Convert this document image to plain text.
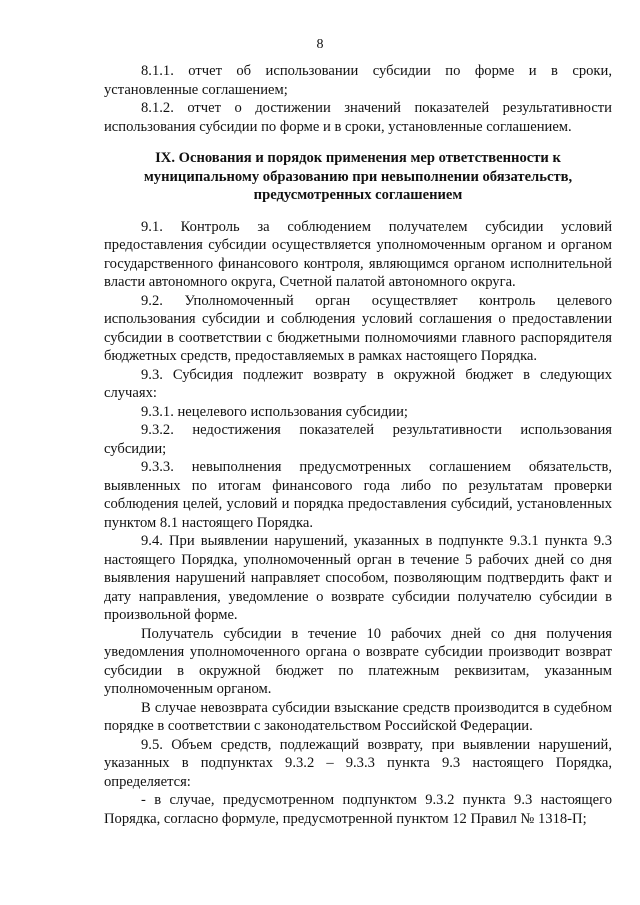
8

8.1.1. отчет об использовании субсидии по форме и в сроки, установленные соглашением;

8.1.2. отчет о достижении значений показателей результативности использования субсидии по форме и в сроки, установленные соглашением.

IX. Основания и порядок применения мер ответственности к муниципальному образованию при невыполнении обязательств, предусмотренных соглашением

9.1. Контроль за соблюдением получателем субсидии условий предоставления субсидии осуществляется уполномоченным органом и органом государственного финансового контроля, являющимся органом исполнительной власти автономного округа, Счетной палатой автономного округа.

9.2. Уполномоченный орган осуществляет контроль целевого использования субсидии и соблюдения условий соглашения о предоставлении субсидии в соответствии с бюджетными полномочиями главного распорядителя бюджетных средств, предоставляемых в рамках настоящего Порядка.

9.3. Субсидия подлежит возврату в окружной бюджет в следующих случаях:

9.3.1. нецелевого использования субсидии;

9.3.2. недостижения показателей результативности использования субсидии;

9.3.3. невыполнения предусмотренных соглашением обязательств, выявленных по итогам финансового года либо по результатам проверки соблюдения целей, условий и порядка предоставления субсидий, установленных пунктом 8.1 настоящего Порядка.

9.4. При выявлении нарушений, указанных в подпункте 9.3.1 пункта 9.3 настоящего Порядка, уполномоченный орган в течение 5 рабочих дней со дня выявления нарушений направляет способом, позволяющим подтвердить факт и дату направления, уведомление о возврате субсидии получателю субсидии в произвольной форме.

Получатель субсидии в течение 10 рабочих дней со дня получения уведомления уполномоченного органа о возврате субсидии производит возврат субсидии в окружной бюджет по платежным реквизитам, указанным уполномоченным органом.

В случае невозврата субсидии взыскание средств производится в судебном порядке в соответствии с законодательством Российской Федерации.

9.5. Объем средств, подлежащий возврату, при выявлении нарушений, указанных в подпунктах 9.3.2 – 9.3.3 пункта 9.3 настоящего Порядка, определяется:

- в случае, предусмотренном подпунктом 9.3.2 пункта 9.3 настоящего Порядка, согласно формуле, предусмотренной пунктом 12 Правил № 1318-П;
